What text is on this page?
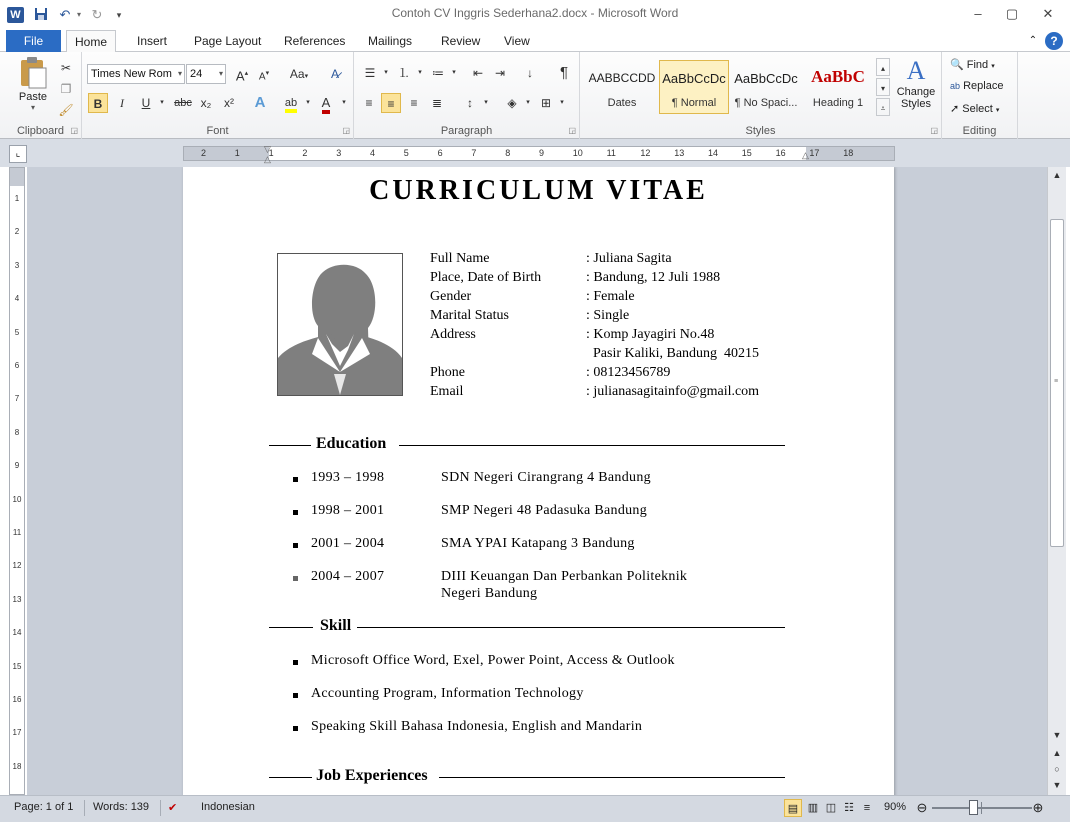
W	↶ ▾ ↻	▾	Contoh CV Inggris Sederhana2.docx - Microsoft Word	–	▢	✕
File	Home	Insert	Page Layout	References	Mailings	Review	View	⌃	?
Paste
▾
✂
❐
🖌
Clipboard ◲
Times New Rom ▾ 24 ▾ A▴	A▾	Aa▾	A̷
B	I	U	▾ abc x₂	x²	A	ab	▾ A	▾
Font	◲
☰	▾ ⒈	▾ ≔	▾	⇤ ⇥	↓	¶
≡	≡	≡	≣	↕	▾	◈	▾ ⊞	▾
Paragraph	◲
AABBCCDD
Dates
AaBbCcDc
¶ Normal
AaBbCcDc
¶ No Spaci...
AaBbC
Heading 1
▴
▾
⩡
A
Change Styles
Styles	◲
🔍 Find ▾
ab Replace
➚ Select ▾
Editing
⌞	2	1	1	2	3	4	5	6	7	8	9	10	11	12	13	14	15	16	17	18
▽
△	△
1
2
3
4
5
6
7
8
9
10
11
12
13
14
15
16
17
18
CURRICULUM VITAE
Full Name	: Juliana Sagita
Place, Date of Birth	: Bandung, 12 Juli 1988
Gender	: Female
Marital Status	: Single
Address	: Komp Jayagiri No.48
Pasir Kaliki, Bandung  40215
Phone	: 08123456789
Email	: julianasagitainfo@gmail.com
Education
1993 – 1998	SDN Negeri Cirangrang 4 Bandung
1998 – 2001	SMP Negeri 48 Padasuka Bandung
2001 – 2004	SMA YPAI Katapang 3 Bandung
2004 – 2007	DIII Keuangan Dan Perbankan Politeknik
Negeri Bandung
Skill
Microsoft Office Word, Exel, Power Point, Access & Outlook
Accounting Program, Information Technology
Speaking Skill Bahasa Indonesia, English and Mandarin
Job Experiences
▲
≡
▼
▲
○
▼
Page: 1 of 1 Words: 139 ✔ Indonesian	▤ ▥ ◫ ☷ ≡	90% ⊖	⊕
